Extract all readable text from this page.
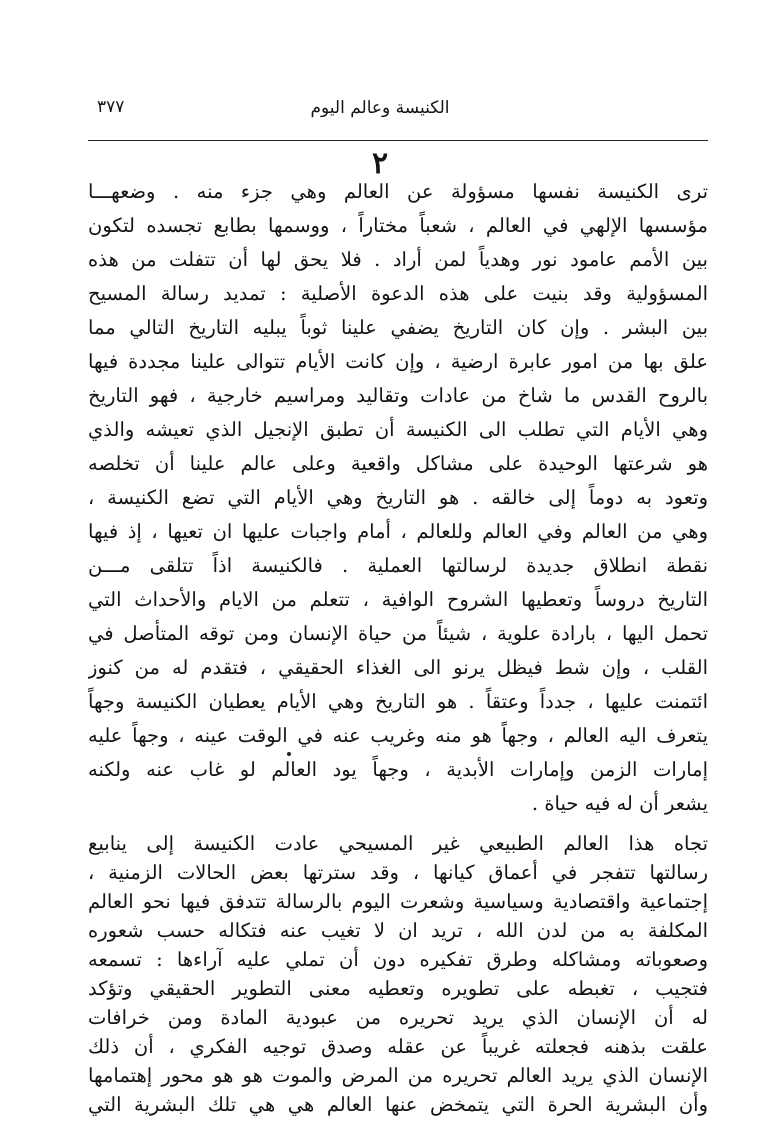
الكنيسة وعالم اليوم
٣٧٧
٢
ترى الكنيسة نفسها مسؤولة عن العالم وهي جزء منه . وضعهـــا
مؤسسها الإلهي في العالم ، شعباً مختاراً ، ووسمها بطابع تجسده لتكون
بين الأمم عامود نور وهدياً لمن أراد . فلا يحق لها أن تتفلت من هذه
المسؤولية وقد بنيت على هذه الدعوة الأصلية : تمديد رسالة المسيح
بين البشر . وإن كان التاريخ يضفي علينا ثوباً يبليه التاريخ التالي مما
علق بها من امور عابرة ارضية ، وإن كانت الأيام تتوالى علينا مجددة فيها
بالروح القدس ما شاخ من عادات وتقاليد ومراسيم خارجية ، فهو التاريخ
وهي الأيام التي تطلب الى الكنيسة أن تطبق الإنجيل الذي تعيشه والذي
هو شرعتها الوحيدة على مشاكل واقعية وعلى عالم علينا أن تخلصه
وتعود به دوماً إلى خالقه . هو التاريخ وهي الأيام التي تضع الكنيسة ،
وهي من العالم وفي العالم وللعالم ، أمام واجبات عليها ان تعيها ، إذ فيها
نقطة انطلاق جديدة لرسالتها العملية . فالكنيسة اذاً تتلقى مـــن
التاريخ دروساً وتعطيها الشروح الوافية ، تتعلم من الايام والأحداث التي
تحمل اليها ، بارادة علوية ، شيئاً من حياة الإنسان ومن توقه المتأصل في
القلب ، وإن شط فيظل يرنو الى الغذاء الحقيقي ، فتقدم له من كنوز
ائتمنت عليها ، جدداً وعتقاً . هو التاريخ وهي الأيام يعطيان الكنيسة وجهاً
يتعرف اليه العالم ، وجهاً هو منه وغريب عنه في الوقت عينه ، وجهاً عليه
إمارات الزمن وإمارات الأبدية ، وجهاً يود العالم لو غاب عنه ولكنه
يشعر أن له فيه حياة .
تجاه هذا العالم الطبيعي غير المسيحي عادت الكنيسة إلى ينابيع
رسالتها تتفجر في أعماق كيانها ، وقد سترتها بعض الحالات الزمنية ،
إجتماعية واقتصادية وسياسية وشعرت اليوم بالرسالة تتدفق فيها نحو العالم
المكلفة به من لدن الله ، تريد ان لا تغيب عنه فتكاله حسب شعوره
وصعوباته ومشاكله وطرق تفكيره دون أن تملي عليه آراءها : تسمعه
فتجيب ، تغبطه على تطويره وتعطيه معنى التطوير الحقيقي وتؤكد
له أن الإنسان الذي يريد تحريره من عبودية المادة ومن خرافات
علقت بذهنه فجعلته غريباً عن عقله وصدق توجيه الفكري ، أن ذلك
الإنسان الذي يريد العالم تحريره من المرض والموت هو هو محور إهتمامها
وأن البشرية الحرة التي يتمخض عنها العالم هي هي تلك البشرية التي
